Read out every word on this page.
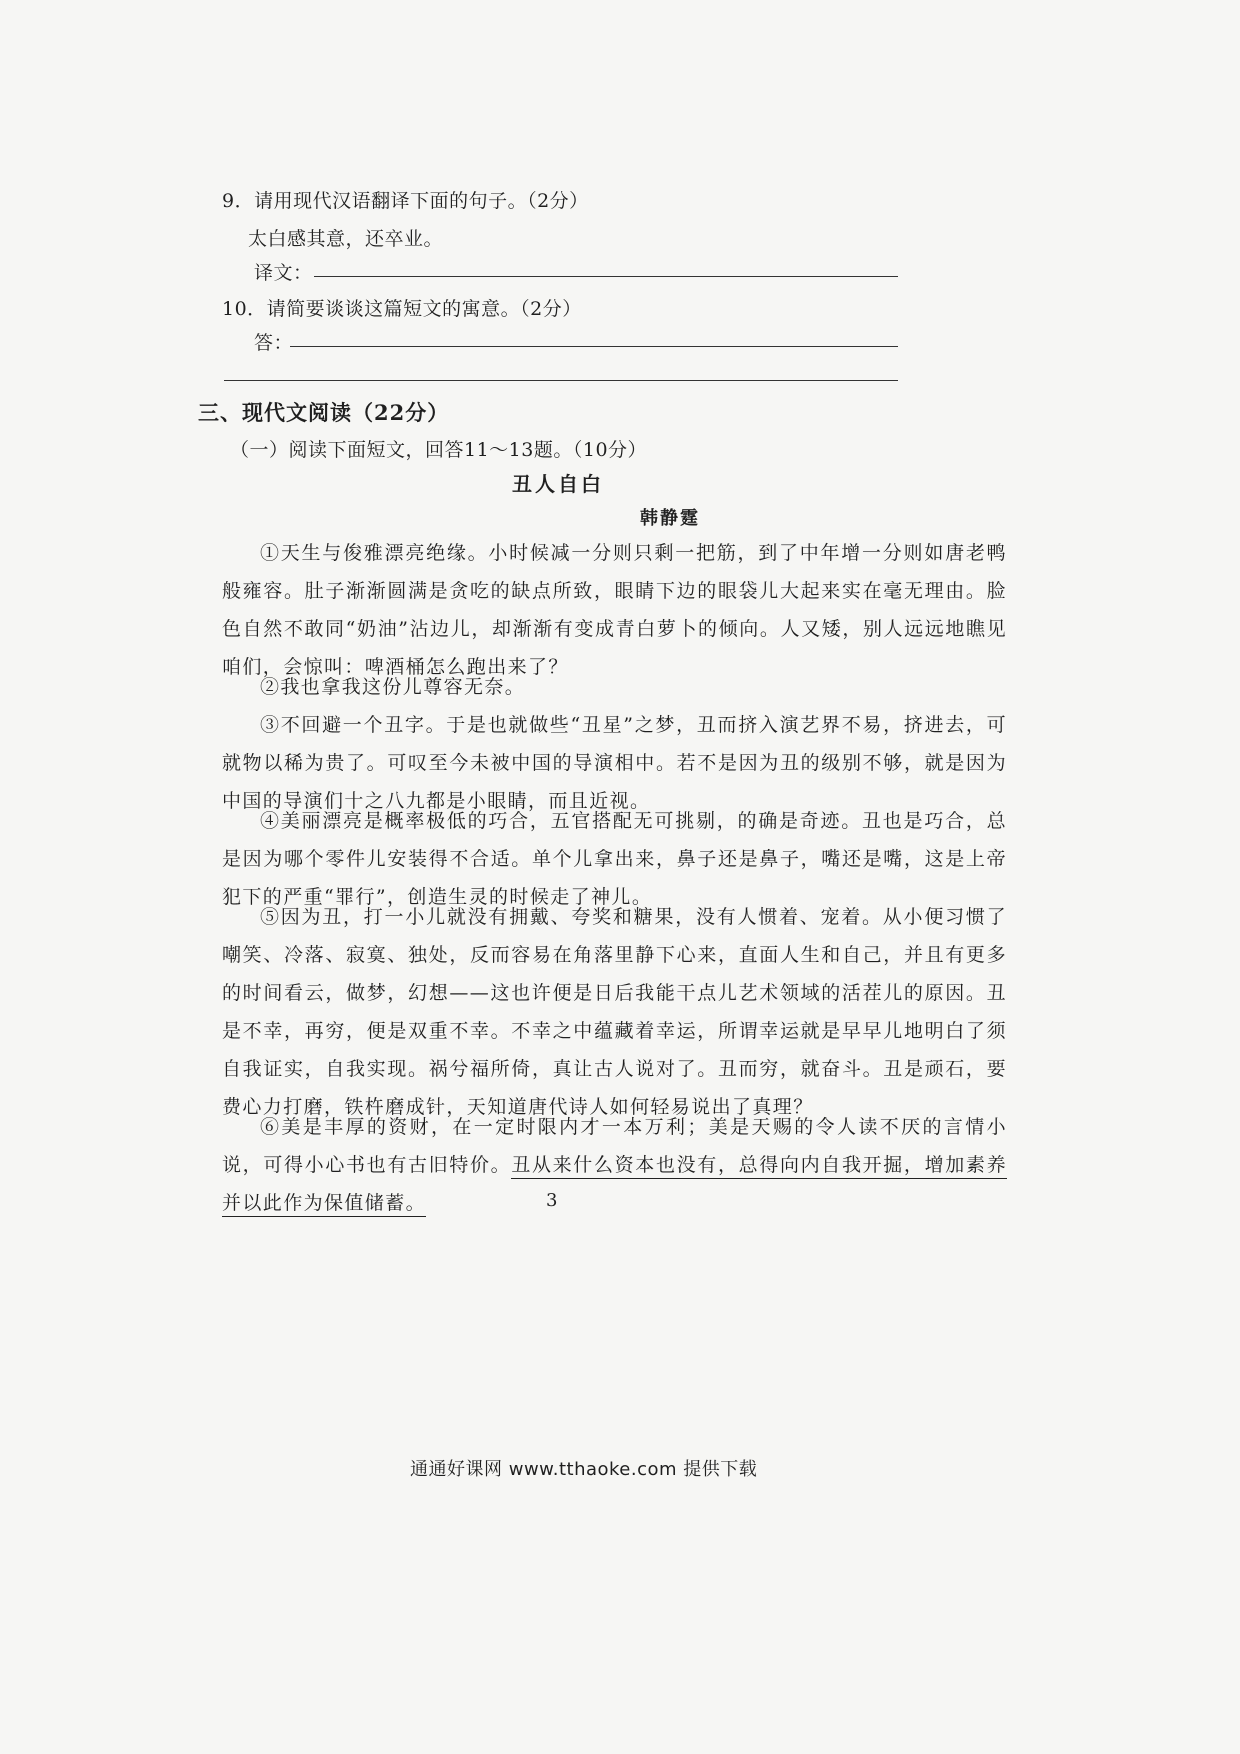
9．请用现代汉语翻译下面的句子。（2分）
太白感其意，还卒业。
译文：
10．请简要谈谈这篇短文的寓意。（2分）
答：
三、现代文阅读（22分）
（一）阅读下面短文，回答11～13题。（10分）
丑人自白
韩静霆
①天生与俊雅漂亮绝缘。小时候减一分则只剩一把筋，到了中年增一分则如唐老鸭般雍容。肚子渐渐圆满是贪吃的缺点所致，眼睛下边的眼袋儿大起来实在毫无理由。脸色自然不敢同“奶油”沾边儿，却渐渐有变成青白萝卜的倾向。人又矮，别人远远地瞧见咱们，会惊叫：啤酒桶怎么跑出来了？
②我也拿我这份儿尊容无奈。
③不回避一个丑字。于是也就做些“丑星”之梦，丑而挤入演艺界不易，挤进去，可就物以稀为贵了。可叹至今未被中国的导演相中。若不是因为丑的级别不够，就是因为中国的导演们十之八九都是小眼睛，而且近视。
④美丽漂亮是概率极低的巧合，五官搭配无可挑剔，的确是奇迹。丑也是巧合，总是因为哪个零件儿安装得不合适。单个儿拿出来，鼻子还是鼻子，嘴还是嘴，这是上帝犯下的严重“罪行”，创造生灵的时候走了神儿。
⑤因为丑，打一小儿就没有拥戴、夸奖和糖果，没有人惯着、宠着。从小便习惯了嘲笑、冷落、寂寞、独处，反而容易在角落里静下心来，直面人生和自己，并且有更多的时间看云，做梦，幻想——这也许便是日后我能干点儿艺术领域的活茬儿的原因。丑是不幸，再穷，便是双重不幸。不幸之中蕴藏着幸运，所谓幸运就是早早儿地明白了须自我证实，自我实现。祸兮福所倚，真让古人说对了。丑而穷，就奋斗。丑是顽石，要费心力打磨，铁杵磨成针，天知道唐代诗人如何轻易说出了真理？
⑥美是丰厚的资财，在一定时限内才一本万利；美是天赐的令人读不厌的言情小说，可得小心书也有古旧特价。丑从来什么资本也没有，总得向内自我开掘，增加素养并以此作为保值储蓄。	3
通通好课网 www.tthaoke.com 提供下载
